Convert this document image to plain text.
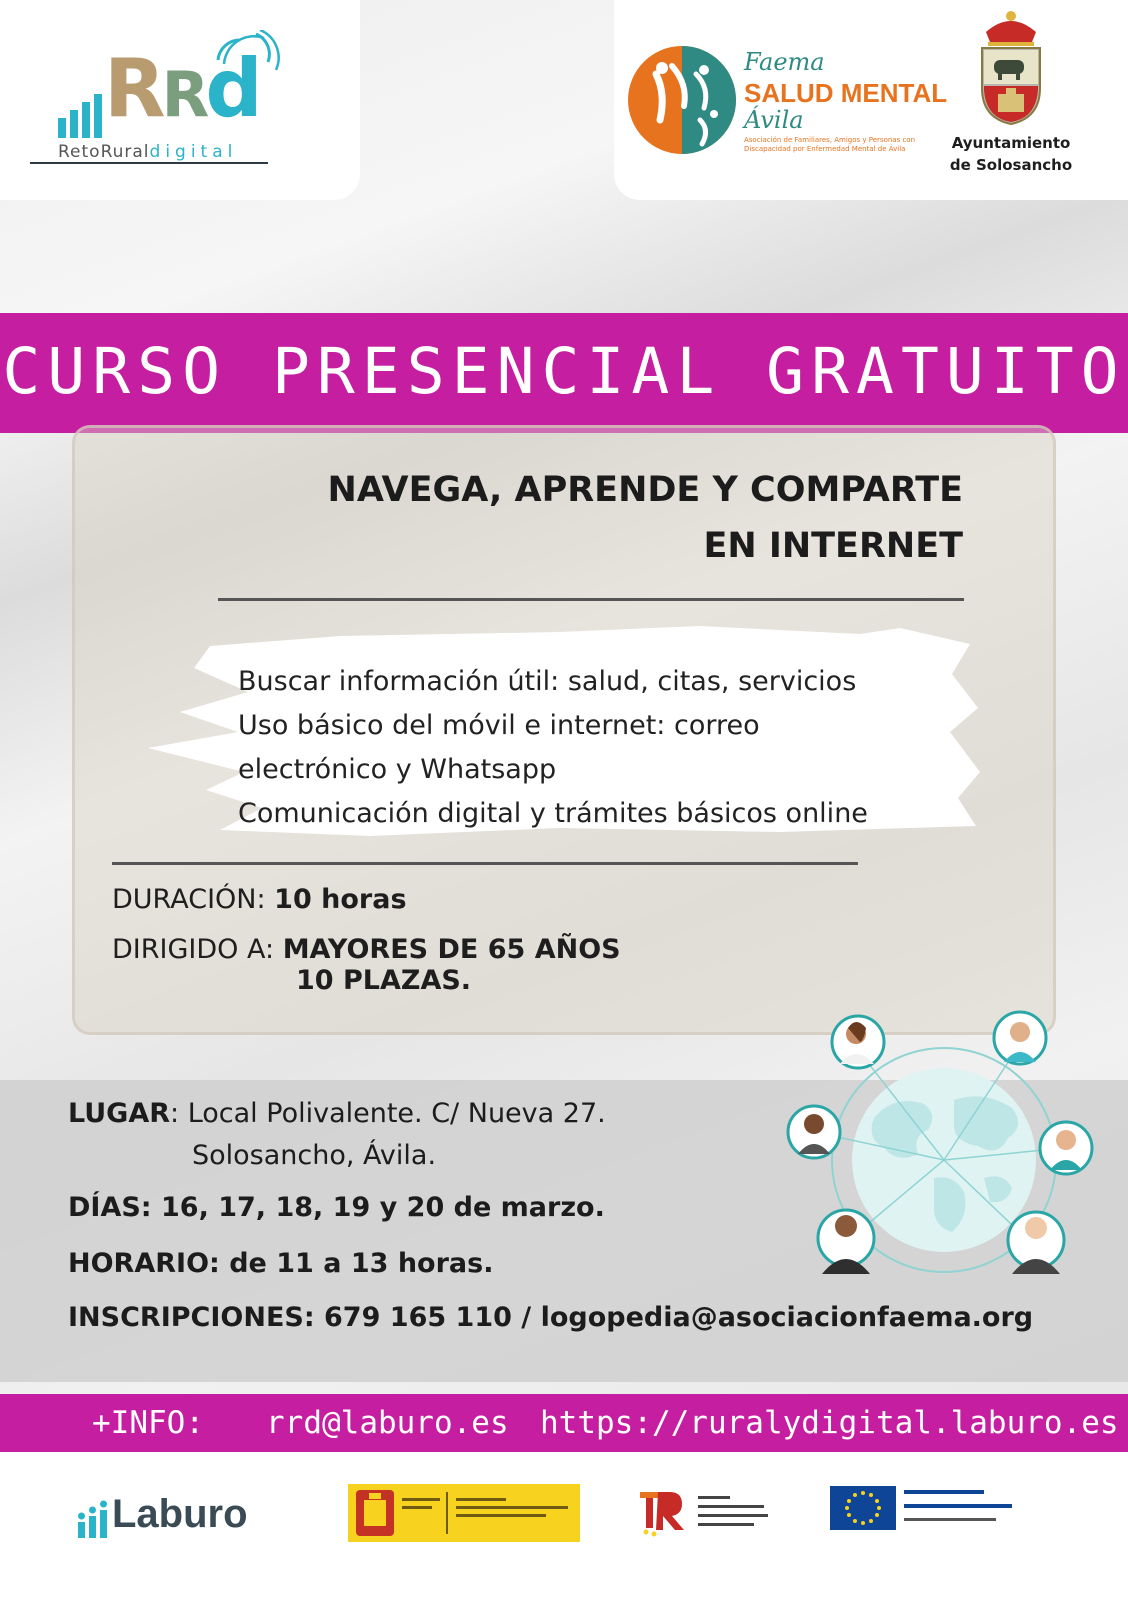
RRd
RetoRuraldigital
Faema
SALUD MENTAL
Ávila
Asociación de Familiares, Amigos y Personas con
Discapacidad por Enfermedad Mental de Ávila	Ayuntamiento
de Solosancho
CURSO PRESENCIAL GRATUITO
NAVEGA, APRENDE Y COMPARTE
EN INTERNET
Buscar información útil: salud, citas, servicios
Uso básico del móvil e internet: correo
electrónico y Whatsapp
Comunicación digital y trámites básicos online
DURACIÓN: 10 horas
DIRIGIDO A: MAYORES DE 65 AÑOS
10 PLAZAS.
LUGAR: Local Polivalente. C/ Nueva 27.
Solosancho, Ávila.
DÍAS: 16, 17, 18, 19 y 20 de marzo.
HORARIO: de 11 a 13 horas.
INSCRIPCIONES: 679 165 110 / logopedia@asociacionfaema.org
+INFO: rrd@laburo.es https://ruralydigital.laburo.es
Laburo
